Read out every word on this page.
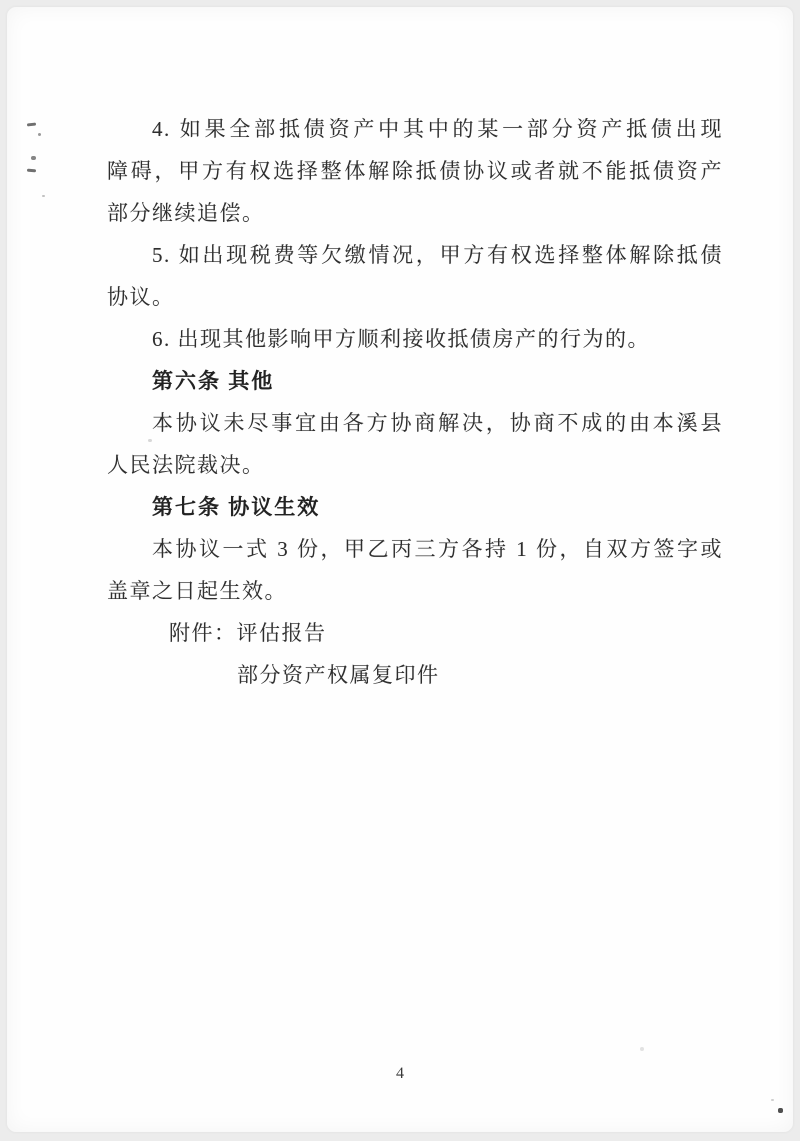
4. 如果全部抵债资产中其中的某一部分资产抵债出现
障碍，甲方有权选择整体解除抵债协议或者就不能抵债资产
部分继续追偿。
5. 如出现税费等欠缴情况，甲方有权选择整体解除抵债
协议。
6. 出现其他影响甲方顺利接收抵债房产的行为的。
第六条 其他
本协议未尽事宜由各方协商解决，协商不成的由本溪县
人民法院裁决。
第七条 协议生效
本协议一式 3 份，甲乙丙三方各持 1 份，自双方签字或
盖章之日起生效。
附件：评估报告
部分资产权属复印件
4
